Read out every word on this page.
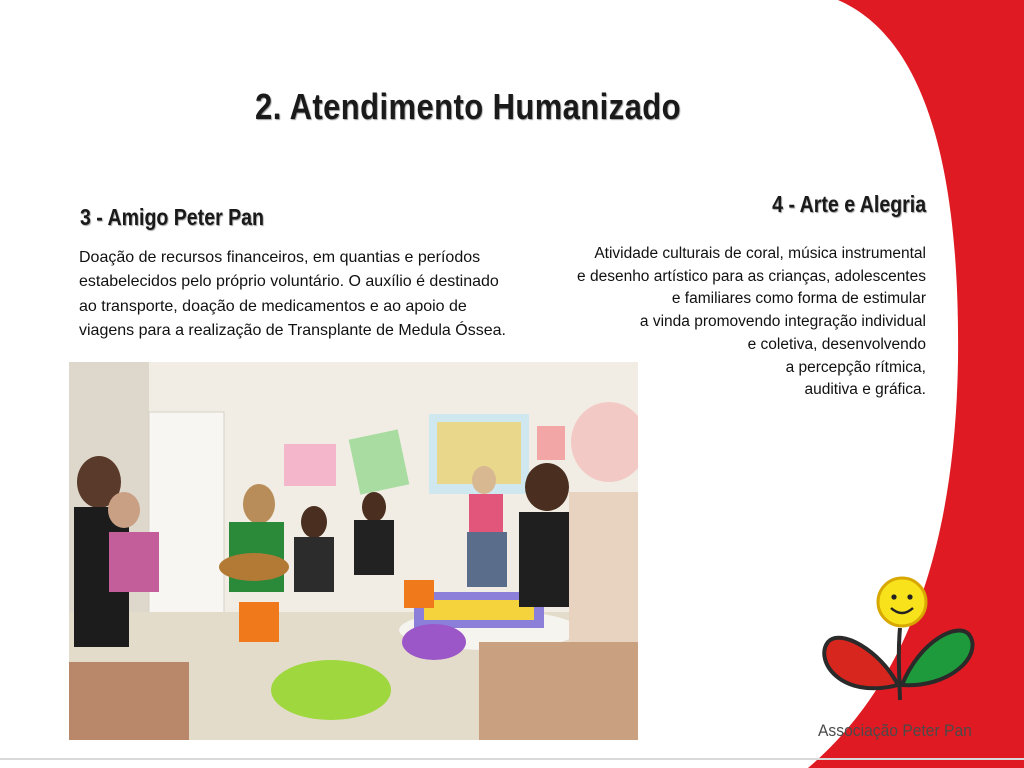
2. Atendimento Humanizado
3 - Amigo Peter Pan
Doação de recursos financeiros, em quantias e períodos
estabelecidos pelo próprio voluntário. O auxílio é destinado
ao transporte, doação de medicamentos e ao apoio de
viagens para a realização de Transplante de Medula Óssea.
4 - Arte e Alegria
Atividade culturais de coral, música instrumental
e desenho artístico para as crianças, adolescentes
e familiares como forma de estimular
a vinda promovendo integração individual
e coletiva, desenvolvendo
a percepção rítmica,
auditiva e gráfica.
Associação Peter Pan
